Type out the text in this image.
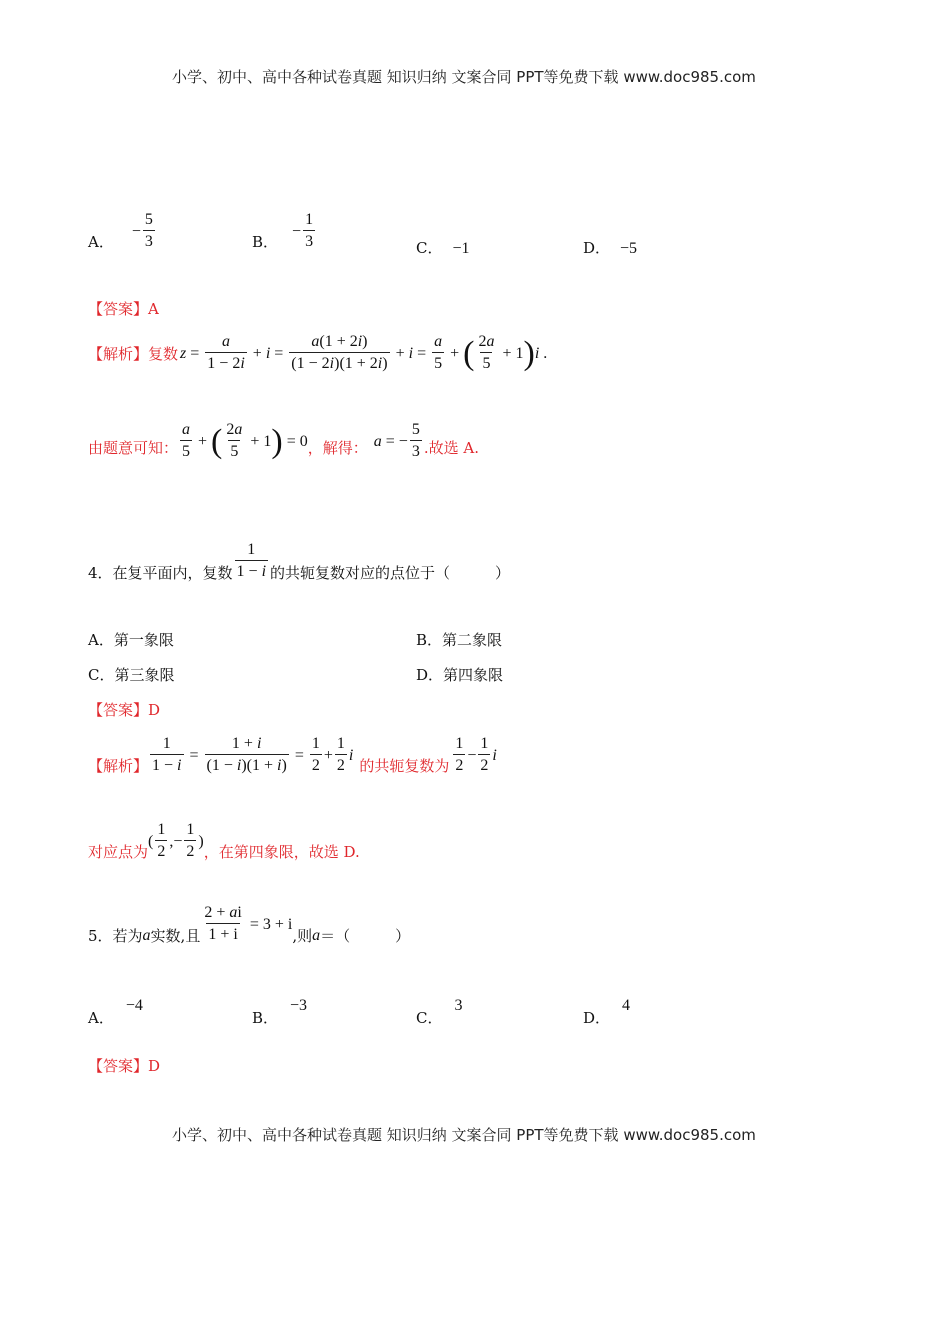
小学、初中、高中各种试卷真题 知识归纳 文案合同 PPT等免费下载 www.doc985.com
A．
− $\frac{5}{3}$	B．
− $\frac{1}{3}$	C． −1	D． −5
【答案】A
【解析】 复数 $z = \frac{a}{1 - 2i} + i = \frac{a(1 + 2i)}{(1 - 2i)(1 + 2i)} + i = \frac{a}{5}$ + ( $\frac{2a}{5} + 1$ ) i .
由题意可知： $\frac{a}{5}$ + ( $\frac{2a}{5} + 1$ ) = 0 ，解得： a = − $\frac{5}{3}$ .故选 A.
4．在复平面内，复数 $\frac{1}{1 - i}$ 的共轭复数对应的点位于（　　　）
A．第一象限	B．第二象限
C．第三象限	D．第四象限
【答案】D
【解析】 $\frac{1}{1 - i} = \frac{1 + i}{(1 - i)(1 + i)} = \frac{1}{2} + \frac{1}{2}$ i
的共轭复数为 $\frac{1}{2} - \frac{1}{2}$ i
对应点为
( $\frac{1}{2}$ ,− $\frac{1}{2}$ )
，在第四象限，故选 D.
5．若为 a 实数,且 $\frac{2 + ai}{1 + i} = 3 + i$
,则 a ＝（　　　）
A．−4
B．−3
C．3
D．4
【答案】D
小学、初中、高中各种试卷真题 知识归纳 文案合同 PPT等免费下载 www.doc985.com
